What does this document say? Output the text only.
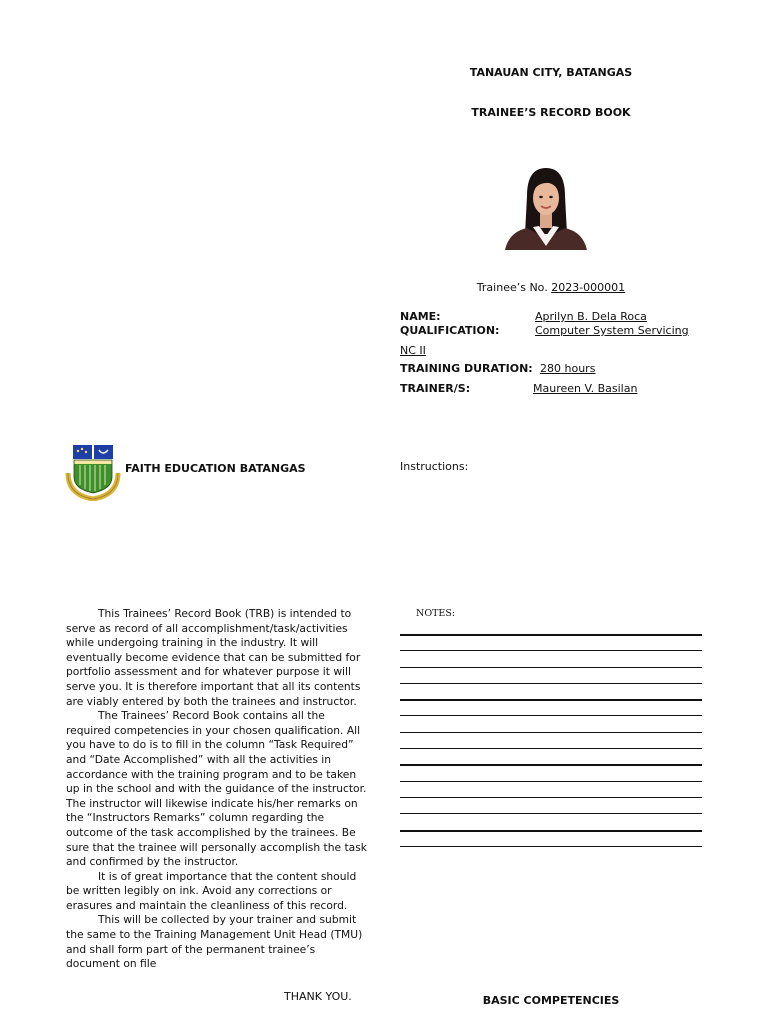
TANAUAN CITY, BATANGAS
TRAINEE’S RECORD BOOK
Trainee’s No. 2023-000001
NAME:	Aprilyn B. Dela Roca
QUALIFICATION:	Computer System Servicing
NC II
TRAINING DURATION: 280 hours
TRAINER/S:	Maureen V. Basilan
FAITH EDUCATION BATANGAS	Instructions:

This Trainees’ Record Book (TRB) is intended to serve as record of all accomplishment/task/activities while undergoing training in the industry. It will eventually become evidence that can be submitted for portfolio assessment and for whatever purpose it will serve you. It is therefore important that all its contents are viably entered by both the trainees and instructor.

The Trainees’ Record Book contains all the required competencies in your chosen qualification. All you have to do is to fill in the column “Task Required” and “Date Accomplished” with all the activities in accordance with the training program and to be taken up in the school and with the guidance of the instructor. The instructor will likewise indicate his/her remarks on the “Instructors Remarks” column regarding the outcome of the task accomplished by the trainees. Be sure that the trainee will personally accomplish the task and confirmed by the instructor.

It is of great importance that the content should be written legibly on ink. Avoid any corrections or erasures and maintain the cleanliness of this record.

This will be collected by your trainer and submit the same to the Training Management Unit Head (TMU) and shall form part of the permanent trainee’s document on file

THANK YOU.
NOTES:
BASIC COMPETENCIES
